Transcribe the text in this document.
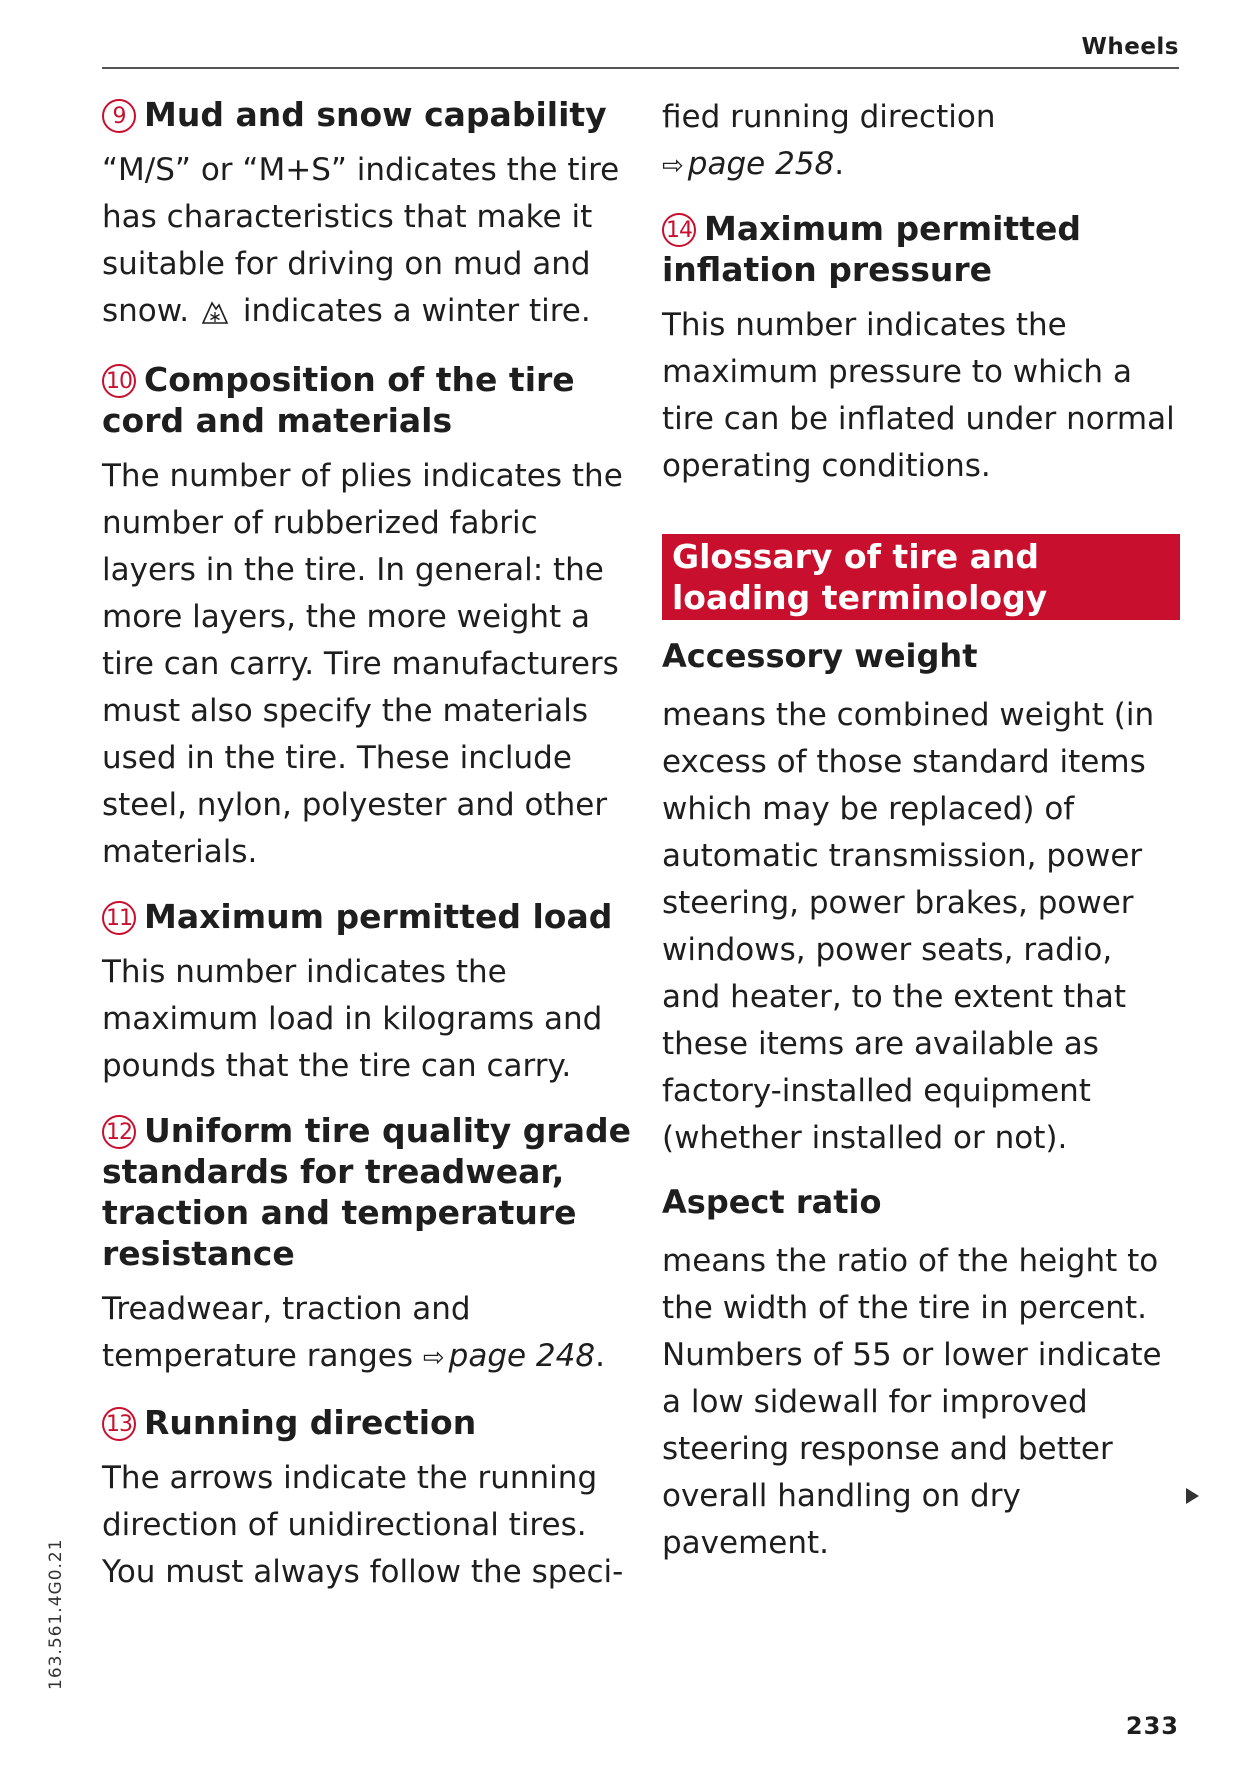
Wheels
9 Mud and snow capability

“M/S” or “M+S” indicates the tire has characteristics that make it suitable for driving on mud and snow. indicates a winter tire.

10 Composition of the tire cord and materials

The number of plies indicates the number of rubberized fabric layers in the tire. In general: the more layers, the more weight a tire can carry. Tire manufacturers must also specify the materials used in the tire. These include steel, nylon, polyester and other materials.

11 Maximum permitted load

This number indicates the maximum load in kilograms and pounds that the tire can carry.

12 Uniform tire quality grade standards for treadwear, traction and temperature resistance

Treadwear, traction and temperature ranges ⇨ page 248.

13 Running direction

The arrows indicate the running direction of unidirectional tires. You must always follow the speci-

fied running direction
⇨ page 258.

14 Maximum permitted inflation pressure

This number indicates the maximum pressure to which a tire can be inflated under normal operating conditions.

Glossary of tire and loading terminology
Accessory weight

means the combined weight (in excess of those standard items which may be replaced) of automatic transmission, power steering, power brakes, power windows, power seats, radio, and heater, to the extent that these items are available as factory-installed equipment (whether installed or not).

Aspect ratio

means the ratio of the height to the width of the tire in percent. Numbers of 55 or lower indicate a low sidewall for improved steering response and better overall handling on dry pavement.

163.561.4G0.21
233
